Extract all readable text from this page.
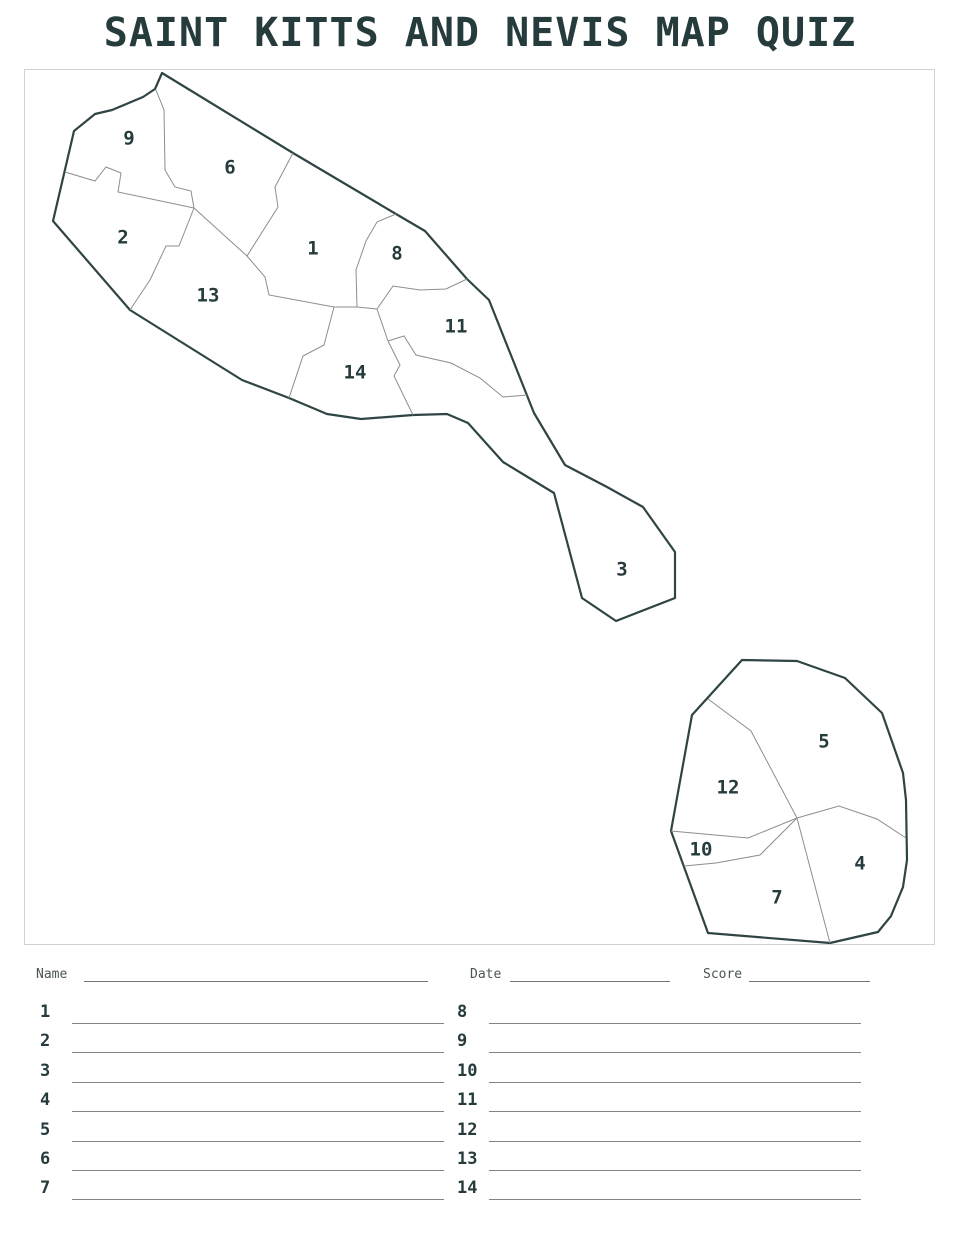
SAINT KITTS AND NEVIS MAP QUIZ
1
2
3
4
5
6
7
8
9
10
11
12
13
14
Name	Date	Score
1
2
3
4
5
6
7
8
9
10
11
12
13
14
